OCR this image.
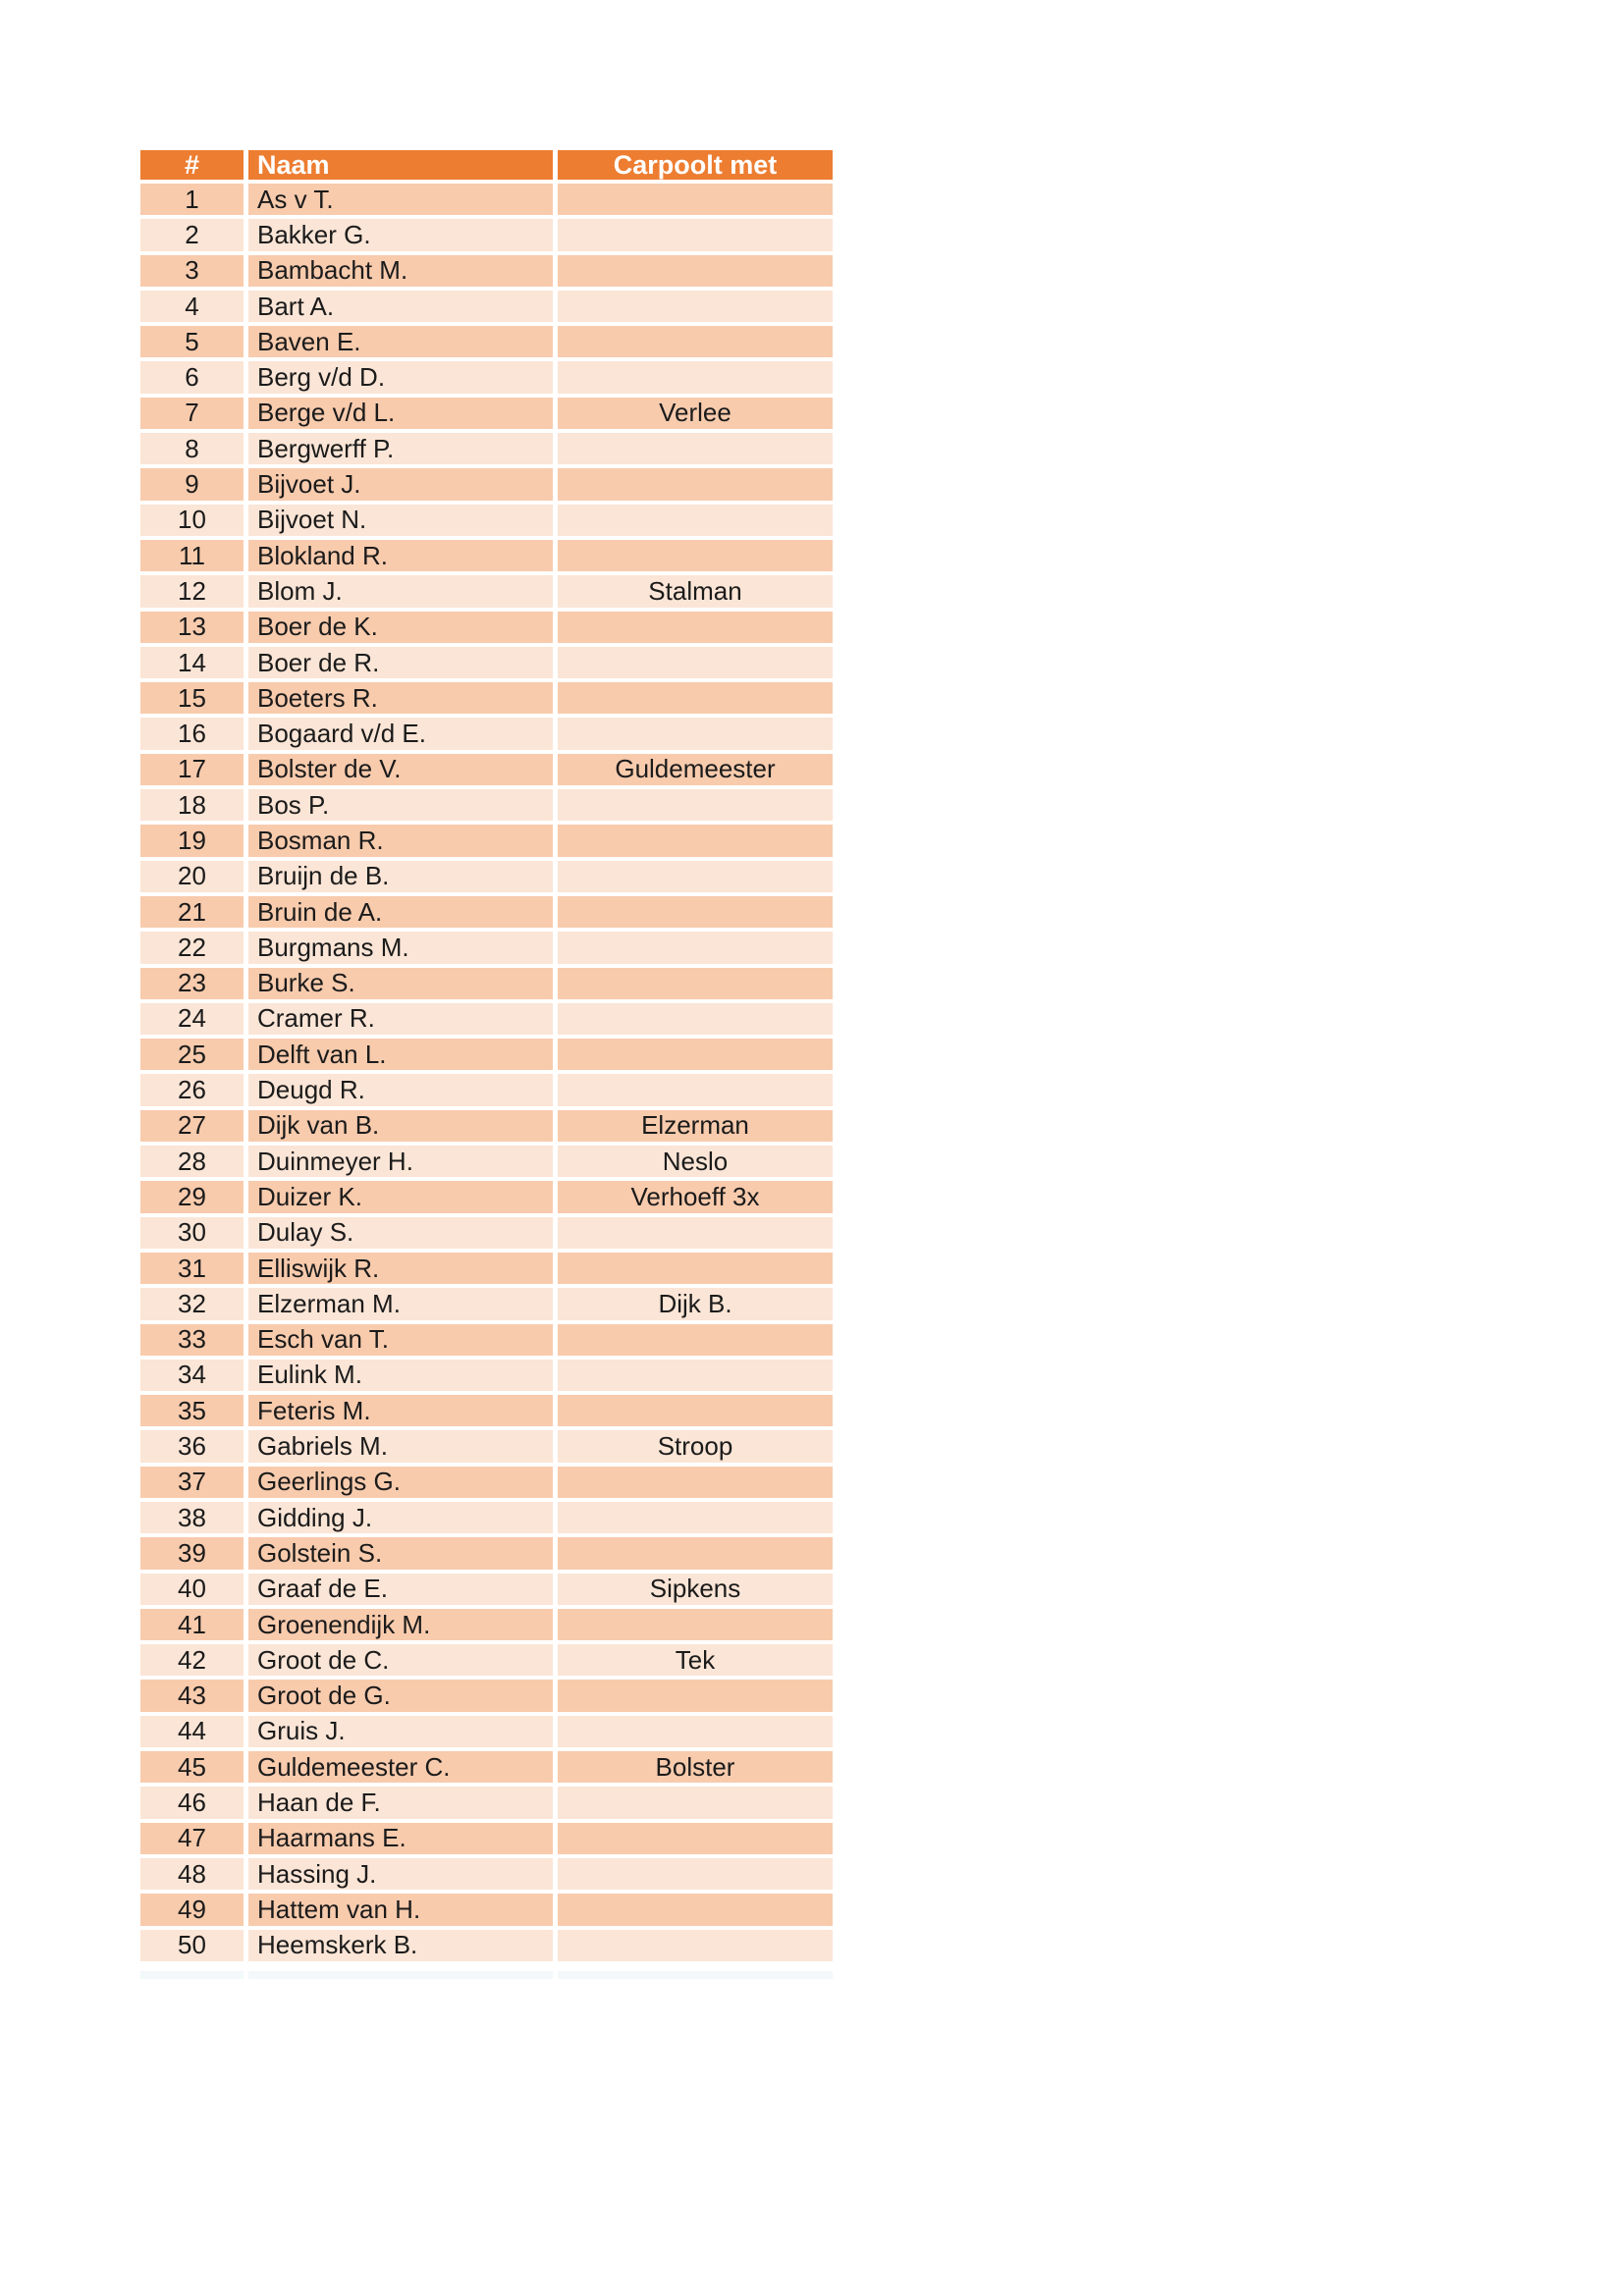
#	Naam	Carpoolt met
1	As v T.
2	Bakker G.
3	Bambacht M.
4	Bart A.
5	Baven E.
6	Berg v/d D.
7	Berge v/d L.	Verlee
8	Bergwerff P.
9	Bijvoet J.
10	Bijvoet N.
11	Blokland R.
12	Blom J.	Stalman
13	Boer de K.
14	Boer de R.
15	Boeters R.
16	Bogaard v/d E.
17	Bolster de V.	Guldemeester
18	Bos P.
19	Bosman R.
20	Bruijn de B.
21	Bruin de A.
22	Burgmans M.
23	Burke S.
24	Cramer R.
25	Delft van L.
26	Deugd R.
27	Dijk van B.	Elzerman
28	Duinmeyer H.	Neslo
29	Duizer K.	Verhoeff 3x
30	Dulay S.
31	Elliswijk R.
32	Elzerman M.	Dijk B.
33	Esch van T.
34	Eulink M.
35	Feteris M.
36	Gabriels M.	Stroop
37	Geerlings G.
38	Gidding J.
39	Golstein S.
40	Graaf de E.	Sipkens
41	Groenendijk M.
42	Groot de C.	Tek
43	Groot de G.
44	Gruis J.
45	Guldemeester C.	Bolster
46	Haan de F.
47	Haarmans E.
48	Hassing J.
49	Hattem van H.
50	Heemskerk B.
